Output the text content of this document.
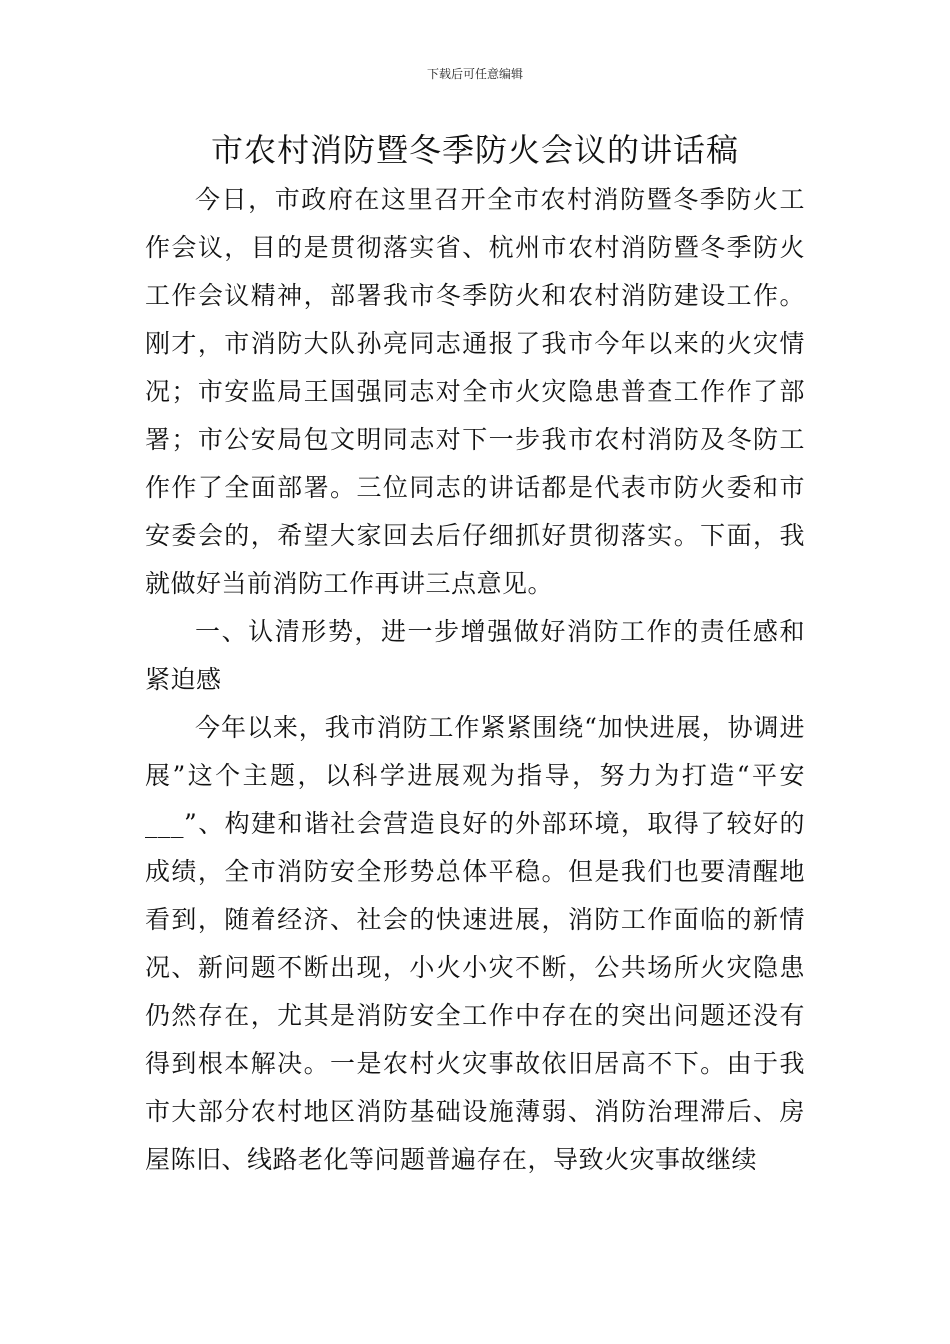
下载后可任意编辑
市农村消防暨冬季防火会议的讲话稿

今日，市政府在这里召开全市农村消防暨冬季防火工作会议，目的是贯彻落实省、杭州市农村消防暨冬季防火工作会议精神，部署我市冬季防火和农村消防建设工作。刚才，市消防大队孙亮同志通报了我市今年以来的火灾情况；市安监局王国强同志对全市火灾隐患普查工作作了部署；市公安局包文明同志对下一步我市农村消防及冬防工作作了全面部署。三位同志的讲话都是代表市防火委和市安委会的，希望大家回去后仔细抓好贯彻落实。下面，我就做好当前消防工作再讲三点意见。

一、认清形势，进一步增强做好消防工作的责任感和紧迫感

今年以来，我市消防工作紧紧围绕“加快进展，协调进展”这个主题，以科学进展观为指导，努力为打造“平安___”、构建和谐社会营造良好的外部环境，取得了较好的成绩，全市消防安全形势总体平稳。但是我们也要清醒地看到，随着经济、社会的快速进展，消防工作面临的新情况、新问题不断出现，小火小灾不断，公共场所火灾隐患仍然存在，尤其是消防安全工作中存在的突出问题还没有得到根本解决。一是农村火灾事故依旧居高不下。由于我市大部分农村地区消防基础设施薄弱、消防治理滞后、房屋陈旧、线路老化等问题普遍存在，导致火灾事故继续
